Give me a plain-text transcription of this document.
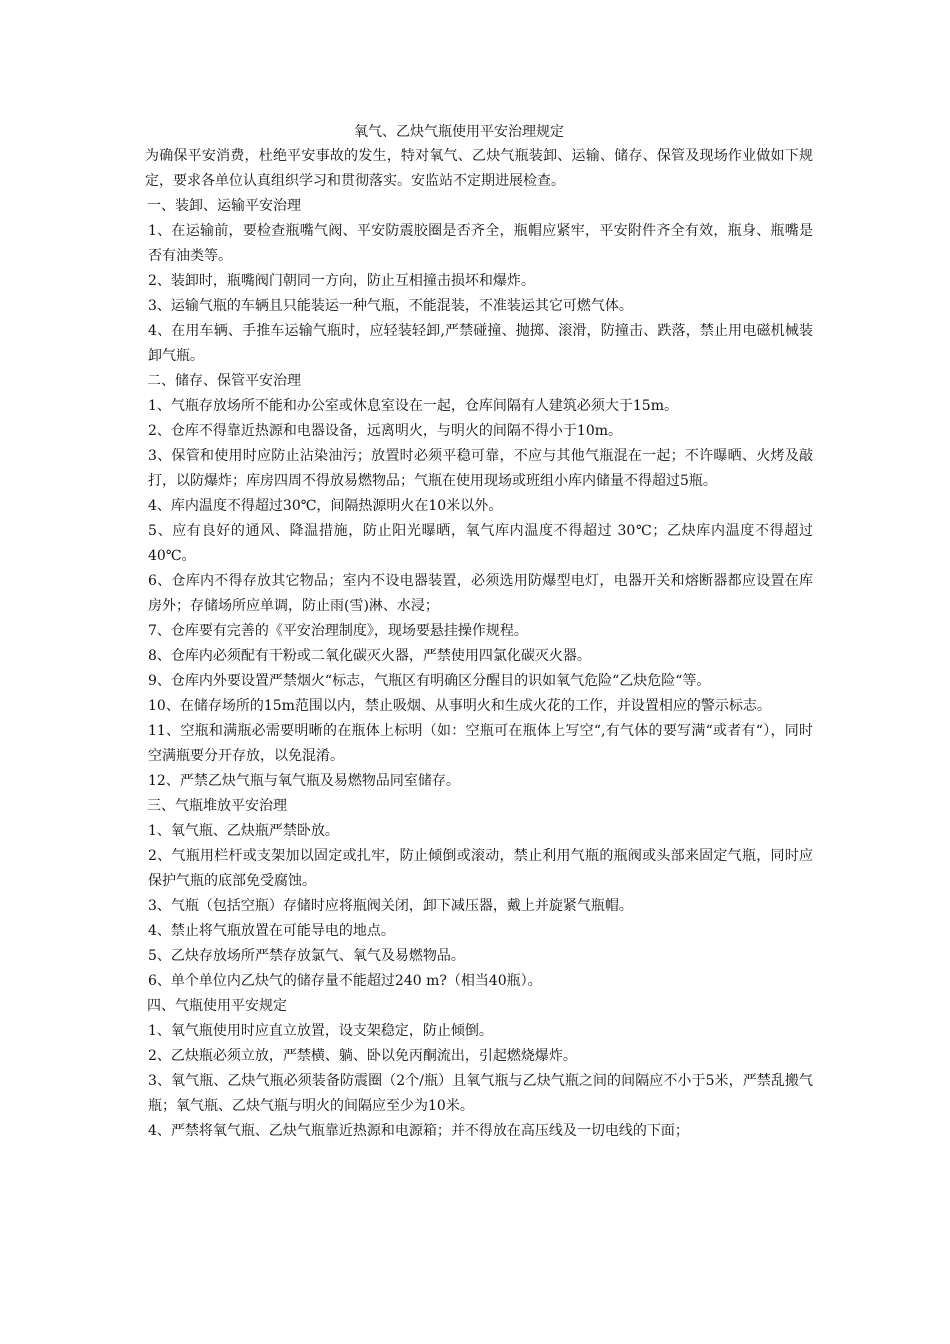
氧气、乙炔气瓶使用平安治理规定

为确保平安消费，杜绝平安事故的发生，特对氧气、乙炔气瓶装卸、运输、储存、保管及现场作业做如下规定，要求各单位认真组织学习和贯彻落实。安监站不定期进展检查。

一、装卸、运输平安治理

1、在运输前，要检查瓶嘴气阀、平安防震胶圈是否齐全，瓶帽应紧牢，平安附件齐全有效，瓶身、瓶嘴是否有油类等。

2、装卸时，瓶嘴阀门朝同一方向，防止互相撞击损坏和爆炸。

3、运输气瓶的车辆且只能装运一种气瓶，不能混装，不准装运其它可燃气体。

4、在用车辆、手推车运输气瓶时，应轻装轻卸,严禁碰撞、抛掷、滚滑，防撞击、跌落，禁止用电磁机械装卸气瓶。

二、储存、保管平安治理

1、气瓶存放场所不能和办公室或休息室设在一起，仓库间隔有人建筑必须大于15m。

2、仓库不得靠近热源和电器设备，远离明火，与明火的间隔不得小于10m。

3、保管和使用时应防止沾染油污；放置时必须平稳可靠，不应与其他气瓶混在一起；不许曝晒、火烤及敲打，以防爆炸；库房四周不得放易燃物品；气瓶在使用现场或班组小库内储量不得超过5瓶。

4、库内温度不得超过30℃，间隔热源明火在10米以外。

5、应有良好的通风、降温措施，防止阳光曝晒，氧气库内温度不得超过 30℃；乙炔库内温度不得超过40℃。

6、仓库内不得存放其它物品；室内不设电器装置，必须选用防爆型电灯，电器开关和熔断器都应设置在库房外；存储场所应单调，防止雨(雪)淋、水浸；

7、仓库要有完善的《平安治理制度》，现场要悬挂操作规程。

8、仓库内必须配有干粉或二氧化碳灭火器，严禁使用四氯化碳灭火器。

9、仓库内外要设置严禁烟火“标志，气瓶区有明确区分醒目的识如氧气危险“乙炔危险“等。

10、在储存场所的15m范围以内，禁止吸烟、从事明火和生成火花的工作，并设置相应的警示标志。

11、空瓶和满瓶必需要明晰的在瓶体上标明（如：空瓶可在瓶体上写空“,有气体的要写满“或者有“），同时空满瓶要分开存放，以免混淆。

12、严禁乙炔气瓶与氧气瓶及易燃物品同室储存。

三、气瓶堆放平安治理

1、氧气瓶、乙炔瓶严禁卧放。

2、气瓶用栏杆或支架加以固定或扎牢，防止倾倒或滚动，禁止利用气瓶的瓶阀或头部来固定气瓶，同时应保护气瓶的底部免受腐蚀。

3、气瓶（包括空瓶）存储时应将瓶阀关闭，卸下减压器，戴上并旋紧气瓶帽。

4、禁止将气瓶放置在可能导电的地点。

5、乙炔存放场所严禁存放氯气、氧气及易燃物品。

6、单个单位内乙炔气的储存量不能超过240 m?（相当40瓶）。

四、气瓶使用平安规定

1、氧气瓶使用时应直立放置，设支架稳定，防止倾倒。

2、乙炔瓶必须立放，严禁横、躺、卧以免丙酮流出，引起燃烧爆炸。

3、氧气瓶、乙炔气瓶必须装备防震圈（2个/瓶）且氧气瓶与乙炔气瓶之间的间隔应不小于5米，严禁乱搬气瓶；氧气瓶、乙炔气瓶与明火的间隔应至少为10米。

4、严禁将氧气瓶、乙炔气瓶靠近热源和电源箱；并不得放在高压线及一切电线的下面；
